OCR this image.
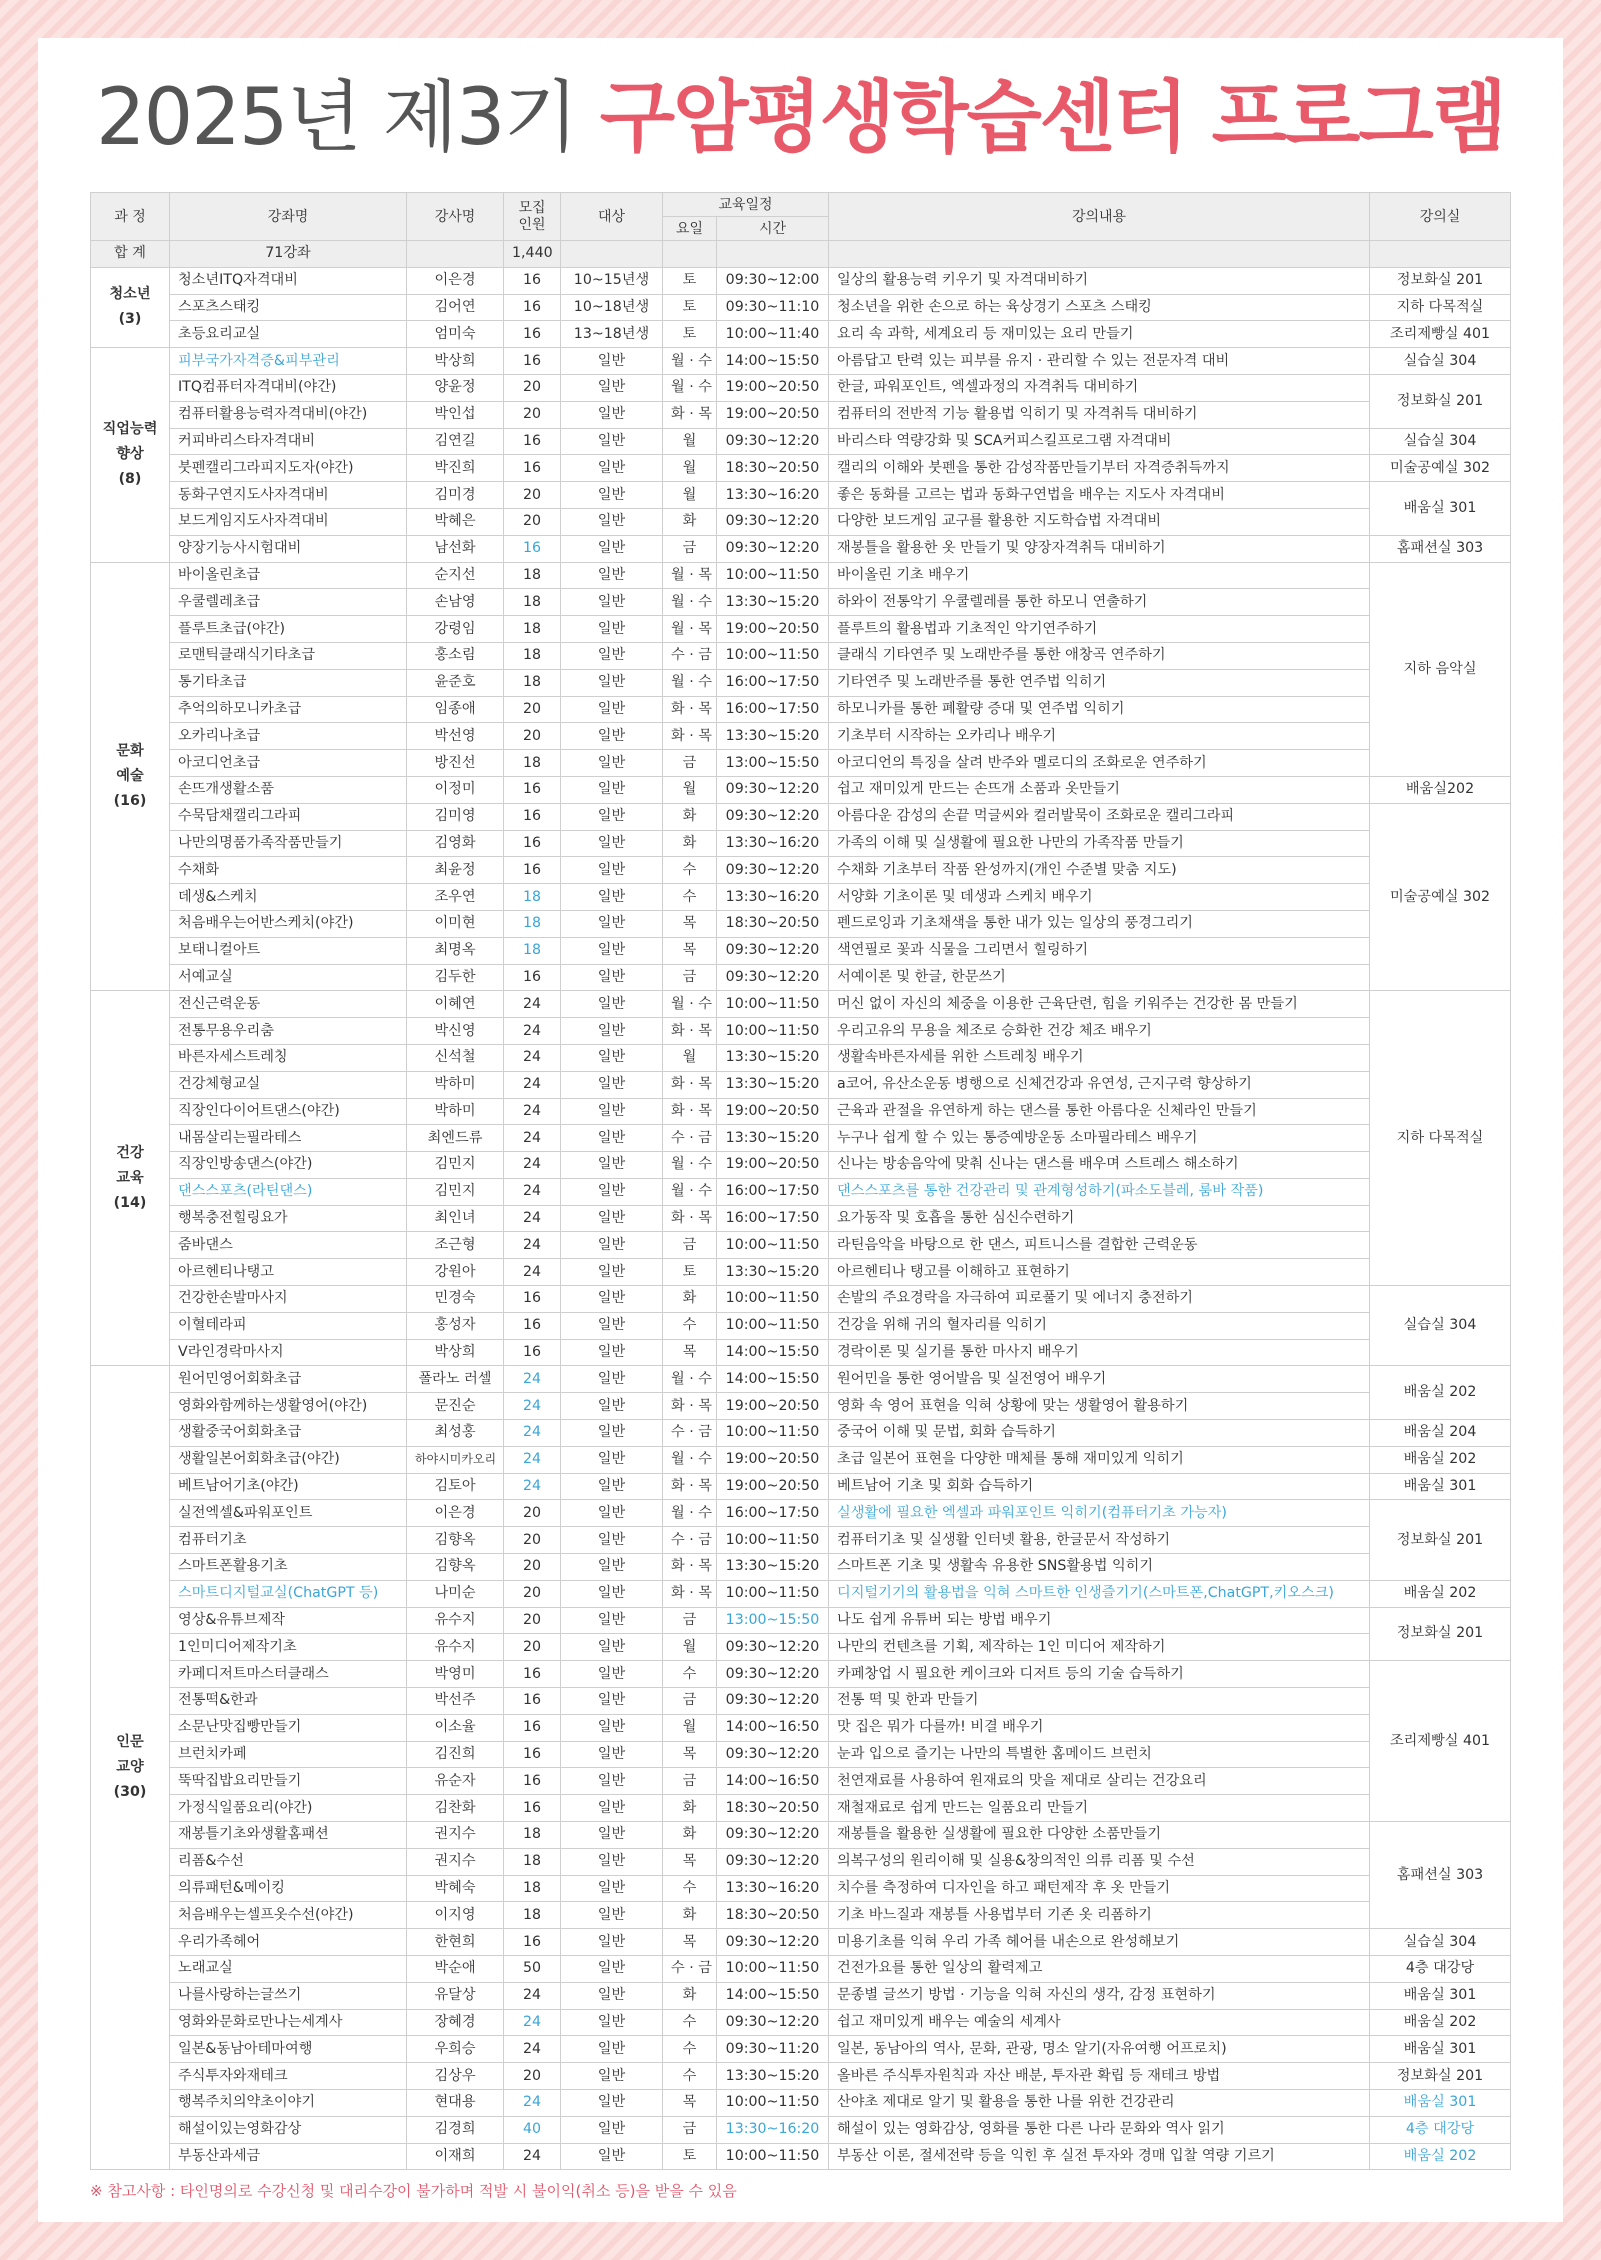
2025년 제3기 구암평생학습센터 프로그램
과 정	강좌명	강사명	모집
인원	대상	교육일정		강의내용	강의실
					요일	시간		
합 계	71강좌		1,440					
청소년
(3)	청소년ITQ자격대비	이은경	16	10~15년생	토	09:30~12:00	일상의 활용능력 키우기 및 자격대비하기	정보화실 201
	스포츠스태킹	김어연	16	10~18년생	토	09:30~11:10	청소년을 위한 손으로 하는 육상경기 스포츠 스태킹	지하 다목적실
	초등요리교실	엄미숙	16	13~18년생	토	10:00~11:40	요리 속 과학, 세계요리 등 재미있는 요리 만들기	조리제빵실 401
직업능력
향상
(8)	피부국가자격증&피부관리	박상희	16	일반	월 · 수	14:00~15:50	아름답고 탄력 있는 피부를 유지 · 관리할 수 있는 전문자격 대비	실습실 304
	ITQ컴퓨터자격대비(야간)	양윤정	20	일반	월 · 수	19:00~20:50	한글, 파워포인트, 엑셀과정의 자격취득 대비하기	정보화실 201
	컴퓨터활용능력자격대비(야간)	박인섭	20	일반	화 · 목	19:00~20:50	컴퓨터의 전반적 기능 활용법 익히기 및 자격취득 대비하기	
	커피바리스타자격대비	김연길	16	일반	월	09:30~12:20	바리스타 역량강화 및 SCA커피스킬프로그램 자격대비	실습실 304
	붓펜캘리그라피지도자(야간)	박진희	16	일반	월	18:30~20:50	캘리의 이해와 붓펜을 통한 감성작품만들기부터 자격증취득까지	미술공예실 302
	동화구연지도사자격대비	김미경	20	일반	월	13:30~16:20	좋은 동화를 고르는 법과 동화구연법을 배우는 지도사 자격대비	배움실 301
	보드게임지도사자격대비	박혜은	20	일반	화	09:30~12:20	다양한 보드게임 교구를 활용한 지도학습법 자격대비	
	양장기능사시험대비	남선화	16	일반	금	09:30~12:20	재봉틀을 활용한 옷 만들기 및 양장자격취득 대비하기	홈패션실 303
문화
예술
(16)	바이올린초급	순지선	18	일반	월 · 목	10:00~11:50	바이올린 기초 배우기	지하 음악실
	우쿨렐레초급	손남영	18	일반	월 · 수	13:30~15:20	하와이 전통악기 우쿨렐레를 통한 하모니 연출하기	
	플루트초급(야간)	강령임	18	일반	월 · 목	19:00~20:50	플루트의 활용법과 기초적인 악기연주하기	
	로맨틱클래식기타초급	홍소림	18	일반	수 · 금	10:00~11:50	클래식 기타연주 및 노래반주를 통한 애창곡 연주하기	
	통기타초급	윤준호	18	일반	월 · 수	16:00~17:50	기타연주 및 노래반주를 통한 연주법 익히기	
	추억의하모니카초급	임종애	20	일반	화 · 목	16:00~17:50	하모니카를 통한 폐활량 증대 및 연주법 익히기	
	오카리나초급	박선영	20	일반	화 · 목	13:30~15:20	기초부터 시작하는 오카리나 배우기	
	아코디언초급	방진선	18	일반	금	13:00~15:50	아코디언의 특징을 살려 반주와 멜로디의 조화로운 연주하기	
	손뜨개생활소품	이정미	16	일반	월	09:30~12:20	쉽고 재미있게 만드는 손뜨개 소품과 옷만들기	배움실202
	수묵담채캘리그라피	김미영	16	일반	화	09:30~12:20	아름다운 감성의 손끝 먹글씨와 컬러발묵이 조화로운 캘리그라피	미술공예실 302
	나만의명품가족작품만들기	김영화	16	일반	화	13:30~16:20	가족의 이해 및 실생활에 필요한 나만의 가족작품 만들기	
	수채화	최윤정	16	일반	수	09:30~12:20	수채화 기초부터 작품 완성까지(개인 수준별 맞춤 지도)	
	데생&스케치	조우연	18	일반	수	13:30~16:20	서양화 기초이론 및 데생과 스케치 배우기	
	처음배우는어반스케치(야간)	이미현	18	일반	목	18:30~20:50	펜드로잉과 기초채색을 통한 내가 있는 일상의 풍경그리기	
	보태니컬아트	최명옥	18	일반	목	09:30~12:20	색연필로 꽃과 식물을 그리면서 힐링하기	
	서예교실	김두한	16	일반	금	09:30~12:20	서예이론 및 한글, 한문쓰기	
건강
교육
(14)	전신근력운동	이혜연	24	일반	월 · 수	10:00~11:50	머신 없이 자신의 체중을 이용한 근육단련, 힘을 키워주는 건강한 몸 만들기	지하 다목적실
	전통무용우리춤	박신영	24	일반	화 · 목	10:00~11:50	우리고유의 무용을 체조로 승화한 건강 체조 배우기	
	바른자세스트레칭	신석철	24	일반	월	13:30~15:20	생활속바른자세를 위한 스트레칭 배우기	
	건강체형교실	박하미	24	일반	화 · 목	13:30~15:20	a코어, 유산소운동 병행으로 신체건강과 유연성, 근지구력 향상하기	
	직장인다이어트댄스(야간)	박하미	24	일반	화 · 목	19:00~20:50	근육과 관절을 유연하게 하는 댄스를 통한 아름다운 신체라인 만들기	
	내몸살리는필라테스	최엔드류	24	일반	수 · 금	13:30~15:20	누구나 쉽게 할 수 있는 통증예방운동 소마필라테스 배우기	
	직장인방송댄스(야간)	김민지	24	일반	월 · 수	19:00~20:50	신나는 방송음악에 맞춰 신나는 댄스를 배우며 스트레스 해소하기	
	댄스스포츠(라틴댄스)	김민지	24	일반	월 · 수	16:00~17:50	댄스스포츠를 통한 건강관리 및 관계형성하기(파소도블레, 룸바 작품)	
	행복충전힐링요가	최인녀	24	일반	화 · 목	16:00~17:50	요가동작 및 호흡을 통한 심신수련하기	
	줌바댄스	조근형	24	일반	금	10:00~11:50	라틴음악을 바탕으로 한 댄스, 피트니스를 결합한 근력운동	
	아르헨티나탱고	강원아	24	일반	토	13:30~15:20	아르헨티나 탱고를 이해하고 표현하기	
	건강한손발마사지	민경숙	16	일반	화	10:00~11:50	손발의 주요경락을 자극하여 피로풀기 및 에너지 충전하기	실습실 304
	이혈테라피	홍성자	16	일반	수	10:00~11:50	건강을 위해 귀의 혈자리를 익히기	
	V라인경락마사지	박상희	16	일반	목	14:00~15:50	경락이론 및 실기를 통한 마사지 배우기	
인문
교양
(30)	원어민영어회화초급	폴라노 러셀	24	일반	월 · 수	14:00~15:50	원어민을 통한 영어발음 및 실전영어 배우기	배움실 202
	영화와함께하는생활영어(야간)	문진순	24	일반	화 · 목	19:00~20:50	영화 속 영어 표현을 익혀 상황에 맞는 생활영어 활용하기	
	생활중국어회화초급	최성홍	24	일반	수 · 금	10:00~11:50	중국어 이해 및 문법, 회화 습득하기	배움실 204
	생활일본어회화초급(야간)	하야시미카오리	24	일반	월 · 수	19:00~20:50	초급 일본어 표현을 다양한 매체를 통해 재미있게 익히기	배움실 202
	베트남어기초(야간)	김토아	24	일반	화 · 목	19:00~20:50	베트남어 기초 및 회화 습득하기	배움실 301
	실전엑셀&파워포인트	이은경	20	일반	월 · 수	16:00~17:50	실생활에 필요한 엑셀과 파워포인트 익히기(컴퓨터기초 가능자)	정보화실 201
	컴퓨터기초	김향옥	20	일반	수 · 금	10:00~11:50	컴퓨터기초 및 실생활 인터넷 활용, 한글문서 작성하기	
	스마트폰활용기초	김향옥	20	일반	화 · 목	13:30~15:20	스마트폰 기초 및 생활속 유용한 SNS활용법 익히기	
	스마트디지털교실(ChatGPT 등)	나미순	20	일반	화 · 목	10:00~11:50	디지털기기의 활용법을 익혀 스마트한 인생즐기기(스마트폰,ChatGPT,키오스크)	배움실 202
	영상&유튜브제작	유수지	20	일반	금	13:00~15:50	나도 쉽게 유튜버 되는 방법 배우기	정보화실 201
	1인미디어제작기초	유수지	20	일반	월	09:30~12:20	나만의 컨텐츠를 기획, 제작하는 1인 미디어 제작하기	
	카페디저트마스터클래스	박영미	16	일반	수	09:30~12:20	카페창업 시 필요한 케이크와 디저트 등의 기술 습득하기	조리제빵실 401
	전통떡&한과	박선주	16	일반	금	09:30~12:20	전통 떡 및 한과 만들기	
	소문난맛집빵만들기	이소율	16	일반	월	14:00~16:50	맛 집은 뭐가 다를까! 비결 배우기	
	브런치카페	김진희	16	일반	목	09:30~12:20	눈과 입으로 즐기는 나만의 특별한 홈메이드 브런치	
	뚝딱집밥요리만들기	유순자	16	일반	금	14:00~16:50	천연재료를 사용하여 원재료의 맛을 제대로 살리는 건강요리	
	가정식일품요리(야간)	김찬화	16	일반	화	18:30~20:50	재철재료로 쉽게 만드는 일품요리 만들기	
	재봉틀기초와생활홈패션	권지수	18	일반	화	09:30~12:20	재봉틀을 활용한 실생활에 필요한 다양한 소품만들기	홈패션실 303
	리폼&수선	권지수	18	일반	목	09:30~12:20	의복구성의 원리이해 및 실용&창의적인 의류 리폼 및 수선	
	의류패턴&메이킹	박혜숙	18	일반	수	13:30~16:20	치수를 측정하여 디자인을 하고 패턴제작 후 옷 만들기	
	처음배우는셀프옷수선(야간)	이지영	18	일반	화	18:30~20:50	기초 바느질과 재봉틀 사용법부터 기존 옷 리폼하기	
	우리가족헤어	한현희	16	일반	목	09:30~12:20	미용기초를 익혀 우리 가족 헤어를 내손으로 완성해보기	실습실 304
	노래교실	박순애	50	일반	수 · 금	10:00~11:50	건전가요를 통한 일상의 활력제고	4층 대강당
	나를사랑하는글쓰기	유달상	24	일반	화	14:00~15:50	문종별 글쓰기 방법 · 기능을 익혀 자신의 생각, 감정 표현하기	배움실 301
	영화와문화로만나는세계사	장혜경	24	일반	수	09:30~12:20	쉽고 재미있게 배우는 예술의 세계사	배움실 202
	일본&동남아테마여행	우희승	24	일반	수	09:30~11:20	일본, 동남아의 역사, 문화, 관광, 명소 알기(자유여행 어프로치)	배움실 301
	주식투자와재테크	김상우	20	일반	수	13:30~15:20	올바른 주식투자원칙과 자산 배분, 투자관 확립 등 재테크 방법	정보화실 201
	행복주치의약초이야기	현대용	24	일반	목	10:00~11:50	산야초 제대로 알기 및 활용을 통한 나를 위한 건강관리	배움실 301
	해설이있는영화감상	김경희	40	일반	금	13:30~16:20	해설이 있는 영화감상, 영화를 통한 다른 나라 문화와 역사 읽기	4층 대강당
	부동산과세금	이재희	24	일반	토	10:00~11:50	부동산 이론, 절세전략 등을 익힌 후 실전 투자와 경매 입찰 역량 기르기	배움실 202
※ 참고사항 : 타인명의로 수강신청 및 대리수강이 불가하며 적발 시 불이익(취소 등)을 받을 수 있음
